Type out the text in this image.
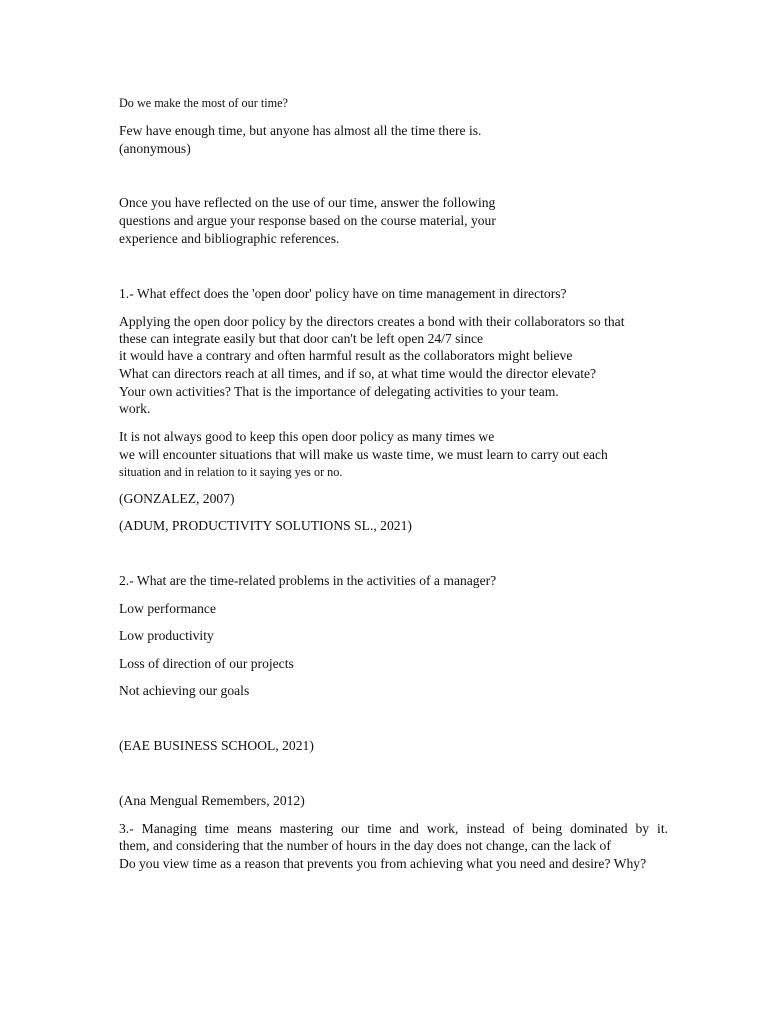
Do we make the most of our time?
Few have enough time, but anyone has almost all the time there is.
(anonymous)
Once you have reflected on the use of our time, answer the following
questions and argue your response based on the course material, your
experience and bibliographic references.
1.- What effect does the 'open door' policy have on time management in directors?
Applying the open door policy by the directors creates a bond with their collaborators so that
these can integrate easily but that door can't be left open 24/7 since
it would have a contrary and often harmful result as the collaborators might believe
What can directors reach at all times, and if so, at what time would the director elevate?
Your own activities? That is the importance of delegating activities to your team.
work.
It is not always good to keep this open door policy as many times we
we will encounter situations that will make us waste time, we must learn to carry out each
situation and in relation to it saying yes or no.
(GONZALEZ, 2007)
(ADUM, PRODUCTIVITY SOLUTIONS SL., 2021)
2.- What are the time-related problems in the activities of a manager?
Low performance
Low productivity
Loss of direction of our projects
Not achieving our goals
(EAE BUSINESS SCHOOL, 2021)
(Ana Mengual Remembers, 2012)
3.- Managing time means mastering our time and work, instead of being dominated by it.
them, and considering that the number of hours in the day does not change, can the lack of
Do you view time as a reason that prevents you from achieving what you need and desire? Why?
